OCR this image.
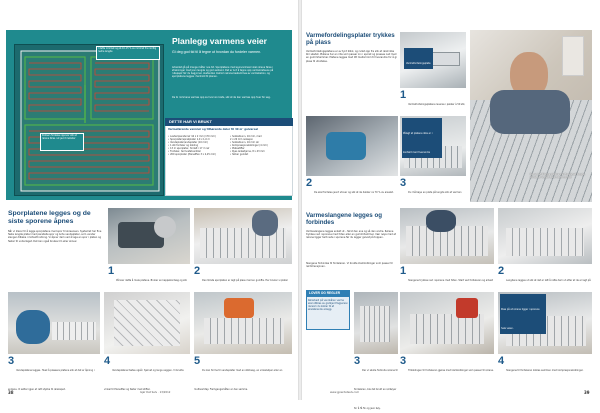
I dette rommet og på 10–15 % av rommet fra nordlig nedre lengde
Kretsen fordeles oppover slik at rørene føres i et jevnt mønster
Planlegg varmens veier
Gi deg god tid til å tegne ut hvordan du fordeler varmen.
Arbeidet gå på mange måter noe tid. Sporplatene med sporvarmerør skal rørene føres i strekninger med jevn lengde og god avstand. Det er lurt å tegne opp varmekretsene på rutepapir før du begynner. Avstanden mellom rørene bestemmes av varmebehov, og sporplatene legges i henhold til planen.
De to rommene varmes opp av hver sin krets, slik at de kan varmes opp hver for seg.
DETTE HAR VI BRUKT
Varmeførende vannrør og tilhørende deler til 40 m² gulvareal
• Lavtemperaturrør 16 x 2 mm (170 mm)
• Sporplater/sprakplater 1,0 x 1,0 m
• Vendeplater/endeplater (10 mm)
• 1 stk fordeler og kobling
• 13 m sporplater, fordelt i 17 m rør
• Fordeler, termostatventiler
• 200 sporplater (Planelflex 3 x 2,25 mm)
• Sokkelbunn, 16 mm, med
2 x 20 mm isolasjon
• Sokkelbunn, 16 mm rør
• Kompressjonskoblinger (4 mm)
• Platestifter
• Ryss ladestjerne, 8 x 43 mm
• Sikker gulvlist
Sporplatene legges og de siste sporene åpnes
Når vi klarer til å legge sporplatene med spor til skreensen. Systemet har fine faste lengde plater med parallelle spor og lurte vendeplater, som vender slangen tilbake i motsatt retning. Vi åpner dem ved å lage en spor i platen og fester til underlaget. Det kan også brukes lim eller skruer.
1
Pål sier dette å male platene. Bruker en kappebordsag og slik
2
Den første sporplaten er lagt på plass med en gulvflis. Her bruker vi plater
3
Vendeplatene legges. Husk å plassere platene slik at det er åpning i endene. Vi setter igjen et rett stykke til rørskapet.
4
Vendeplatene festes også i hjørnet og langs veggen. Vi brukte vinkel til Planelflex og fester med stifter.
5
Du kan forme til vendeplater med en stikksag, en vinkelsliper eller en multiverktøy. Fremgangsmåten er den samme.
38	Gjør Det Selv · 13/2012
Varmefordelingsplater trykkes på plass
Varmefordelingsplatene er av tynt blikk, og rullet opp fra slik at røret ikke blir skadet. Platene har en rille som passer inn i sporet og presses ned med en gummihammer. Platene legges med litt mellomrom til hverandre for å gi plass til utvidelse.
Det er lurt å legge platene med forskjøvet lengde, så det blir en pen bane rundt rommet
Varmefordelingsplate
1
Varmefordelingsplatene leveres i pakker à 50 stk,
Pålagt at platene ikke er i kontakt med hverandre
2
De skal fordeles jevnt utover og slik at de dekker ca 70 % av arealet.
3
Du må bøye en plate på lengde slik at varmen
Varmeslangene legges og forbindes
Varmeslangene legges enkelt ut – først den ene og så den andre. Rørene trykkes ned i sporene med foten eller en gummihammer. Vær nøye med at rørene ligger helt nede i sporene før du legger gulvet på toppen.
Slangene forbindes til fordeleren. Vi brukte klemkoblinger som passer til rørdimensjonen.
LOVER OG REGLER
Rørarbeid på vannbåren varme skal utføres av godkjent fagperson dersom du kobler til et eksisterende anlegg.
1
Slangene trykkes ned i sporene med foten. Start ved fordeleren og arbeid
2
Lengdene legges ut slik at det er lett å rette dem ut etter at de er lagt på
Pass på at rørene ligger i sporene hele veien.
3
Der vi skulle forbinde rørene til fordeleren, ble det brukt en rørbøyer for å få fin og jevn bøy.
3
Tilkoblingen til fordeleren gjøres med klemkoblinger som passer til rørene.
4
Slangene til fordeleren kobles sammen med kompresjonskoblinger.
www.gjoerdetselv.com	39
